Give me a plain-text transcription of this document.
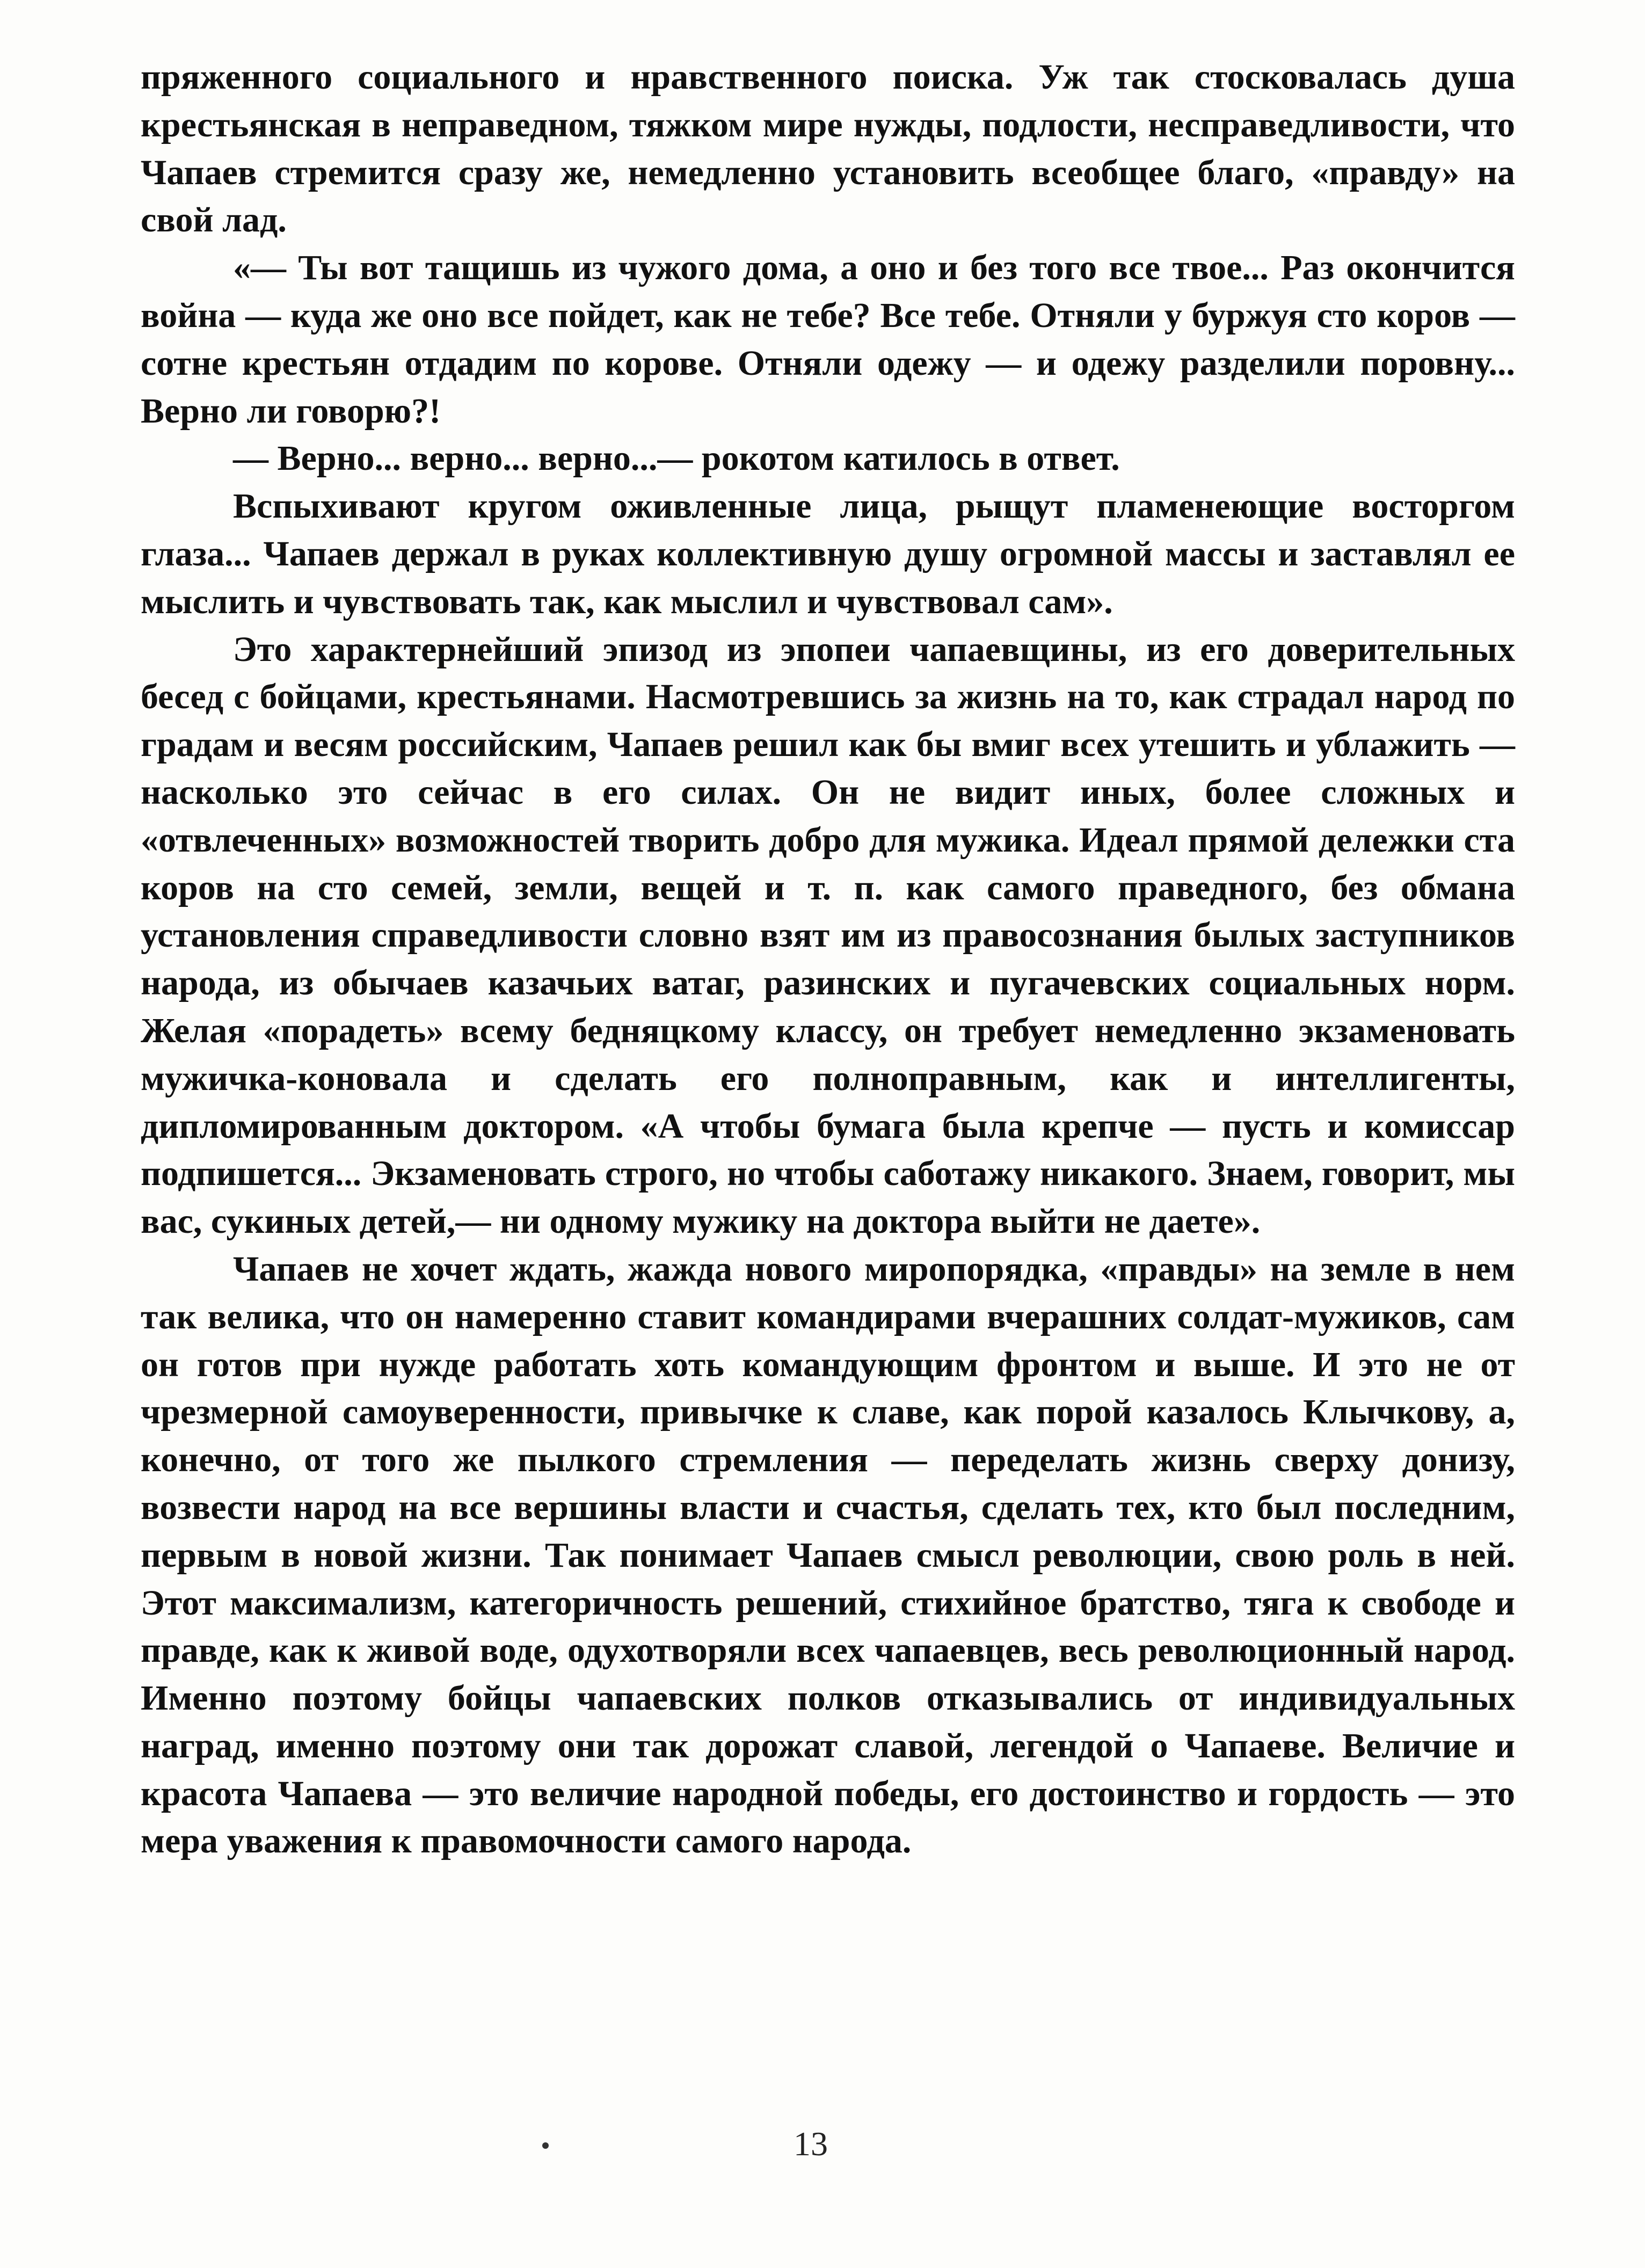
пряженного социального и нравственного поиска. Уж так стосковалась душа крестьянская в неправедном, тяжком мире нужды, подлости, несправедливости, что Чапаев стремится сразу же, немедленно установить всеобщее благо, «правду» на свой лад.

«— Ты вот тащишь из чужого дома, а оно и без того все твое... Раз окончится война — куда же оно все пойдет, как не тебе? Все тебе. Отняли у буржуя сто коров — сотне крестьян отдадим по корове. Отняли одежу — и одежу разделили поровну... Верно ли говорю?!

— Верно... верно... верно...— рокотом катилось в ответ.

Вспыхивают кругом оживленные лица, рыщут пламенеющие восторгом глаза... Чапаев держал в руках коллективную душу огромной массы и заставлял ее мыслить и чувствовать так, как мыслил и чувствовал сам».

Это характернейший эпизод из эпопеи чапаевщины, из его доверительных бесед с бойцами, крестьянами. Насмотревшись за жизнь на то, как страдал народ по градам и весям российским, Чапаев решил как бы вмиг всех утешить и ублажить — насколько это сейчас в его силах. Он не видит иных, более сложных и «отвлеченных» возможностей творить добро для мужика. Идеал прямой дележки ста коров на сто семей, земли, вещей и т. п. как самого праведного, без обмана установления справедливости словно взят им из правосознания былых заступников народа, из обычаев казачьих ватаг, разинских и пугачевских социальных норм. Желая «порадеть» всему бедняцкому классу, он требует немедленно экзаменовать мужичка-коновала и сделать его полноправным, как и интеллигенты, дипломированным доктором. «А чтобы бумага была крепче — пусть и комиссар подпишется... Экзаменовать строго, но чтобы саботажу никакого. Знаем, говорит, мы вас, сукиных детей,— ни одному мужику на доктора выйти не даете».

Чапаев не хочет ждать, жажда нового миропорядка, «правды» на земле в нем так велика, что он намеренно ставит командирами вчерашних солдат-мужиков, сам он готов при нужде работать хоть командующим фронтом и выше. И это не от чрезмерной самоуверенности, привычке к славе, как порой казалось Клычкову, а, конечно, от того же пылкого стремления — переделать жизнь сверху донизу, возвести народ на все вершины власти и счастья, сделать тех, кто был последним, первым в новой жизни. Так понимает Чапаев смысл революции, свою роль в ней. Этот максимализм, категоричность решений, стихийное братство, тяга к свободе и правде, как к живой воде, одухотворяли всех чапаевцев, весь революционный народ. Именно поэтому бойцы чапаевских полков отказывались от индивидуальных наград, именно поэтому они так дорожат славой, легендой о Чапаеве. Величие и красота Чапаева — это величие народной победы, его достоинство и гордость — это мера уважения к правомочности самого народа.

13
